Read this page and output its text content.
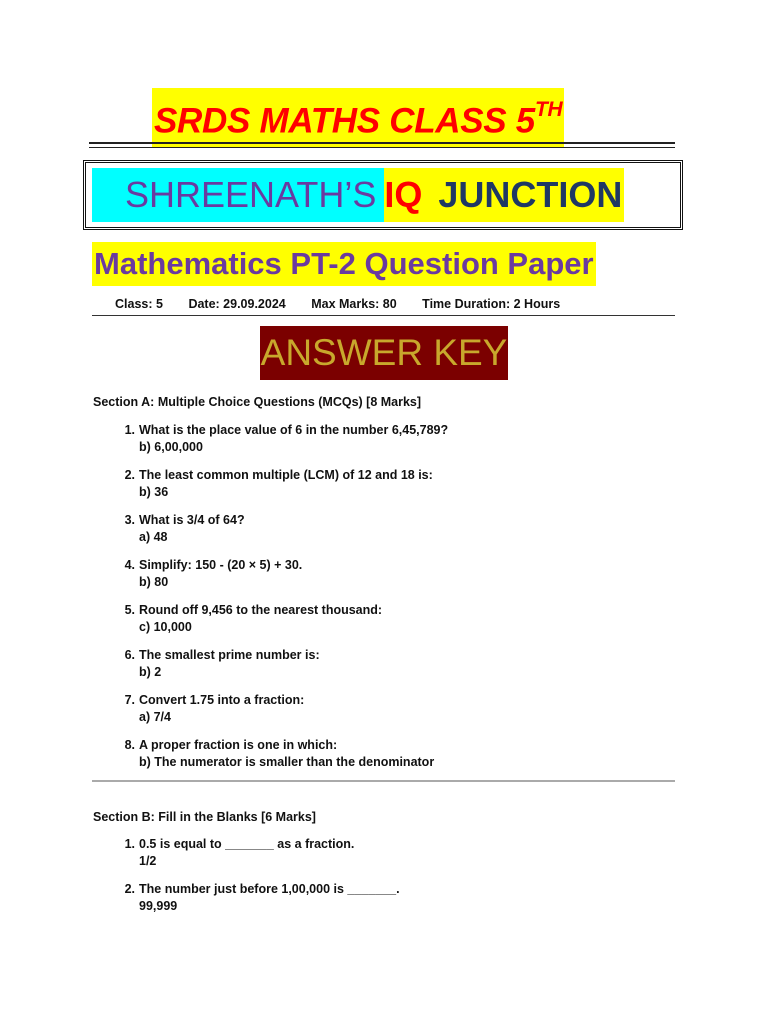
SRDS MATHS CLASS 5TH
SHREENATH’S IQ JUNCTION
Mathematics PT-2 Question Paper
Class: 5 Date: 29.09.2024 Max Marks: 80 Time Duration: 2 Hours
ANSWER KEY
Section A: Multiple Choice Questions (MCQs) [8 Marks]
1. What is the place value of 6 in the number 6,45,789?
b) 6,00,000
2. The least common multiple (LCM) of 12 and 18 is:
b) 36
3. What is 3/4 of 64?
a) 48
4. Simplify: 150 - (20 × 5) + 30.
b) 80
5. Round off 9,456 to the nearest thousand:
c) 10,000
6. The smallest prime number is:
b) 2
7. Convert 1.75 into a fraction:
a) 7/4
8. A proper fraction is one in which:
b) The numerator is smaller than the denominator
Section B: Fill in the Blanks [6 Marks]
1. 0.5 is equal to _______ as a fraction.
1/2
2. The number just before 1,00,000 is _______.
99,999
